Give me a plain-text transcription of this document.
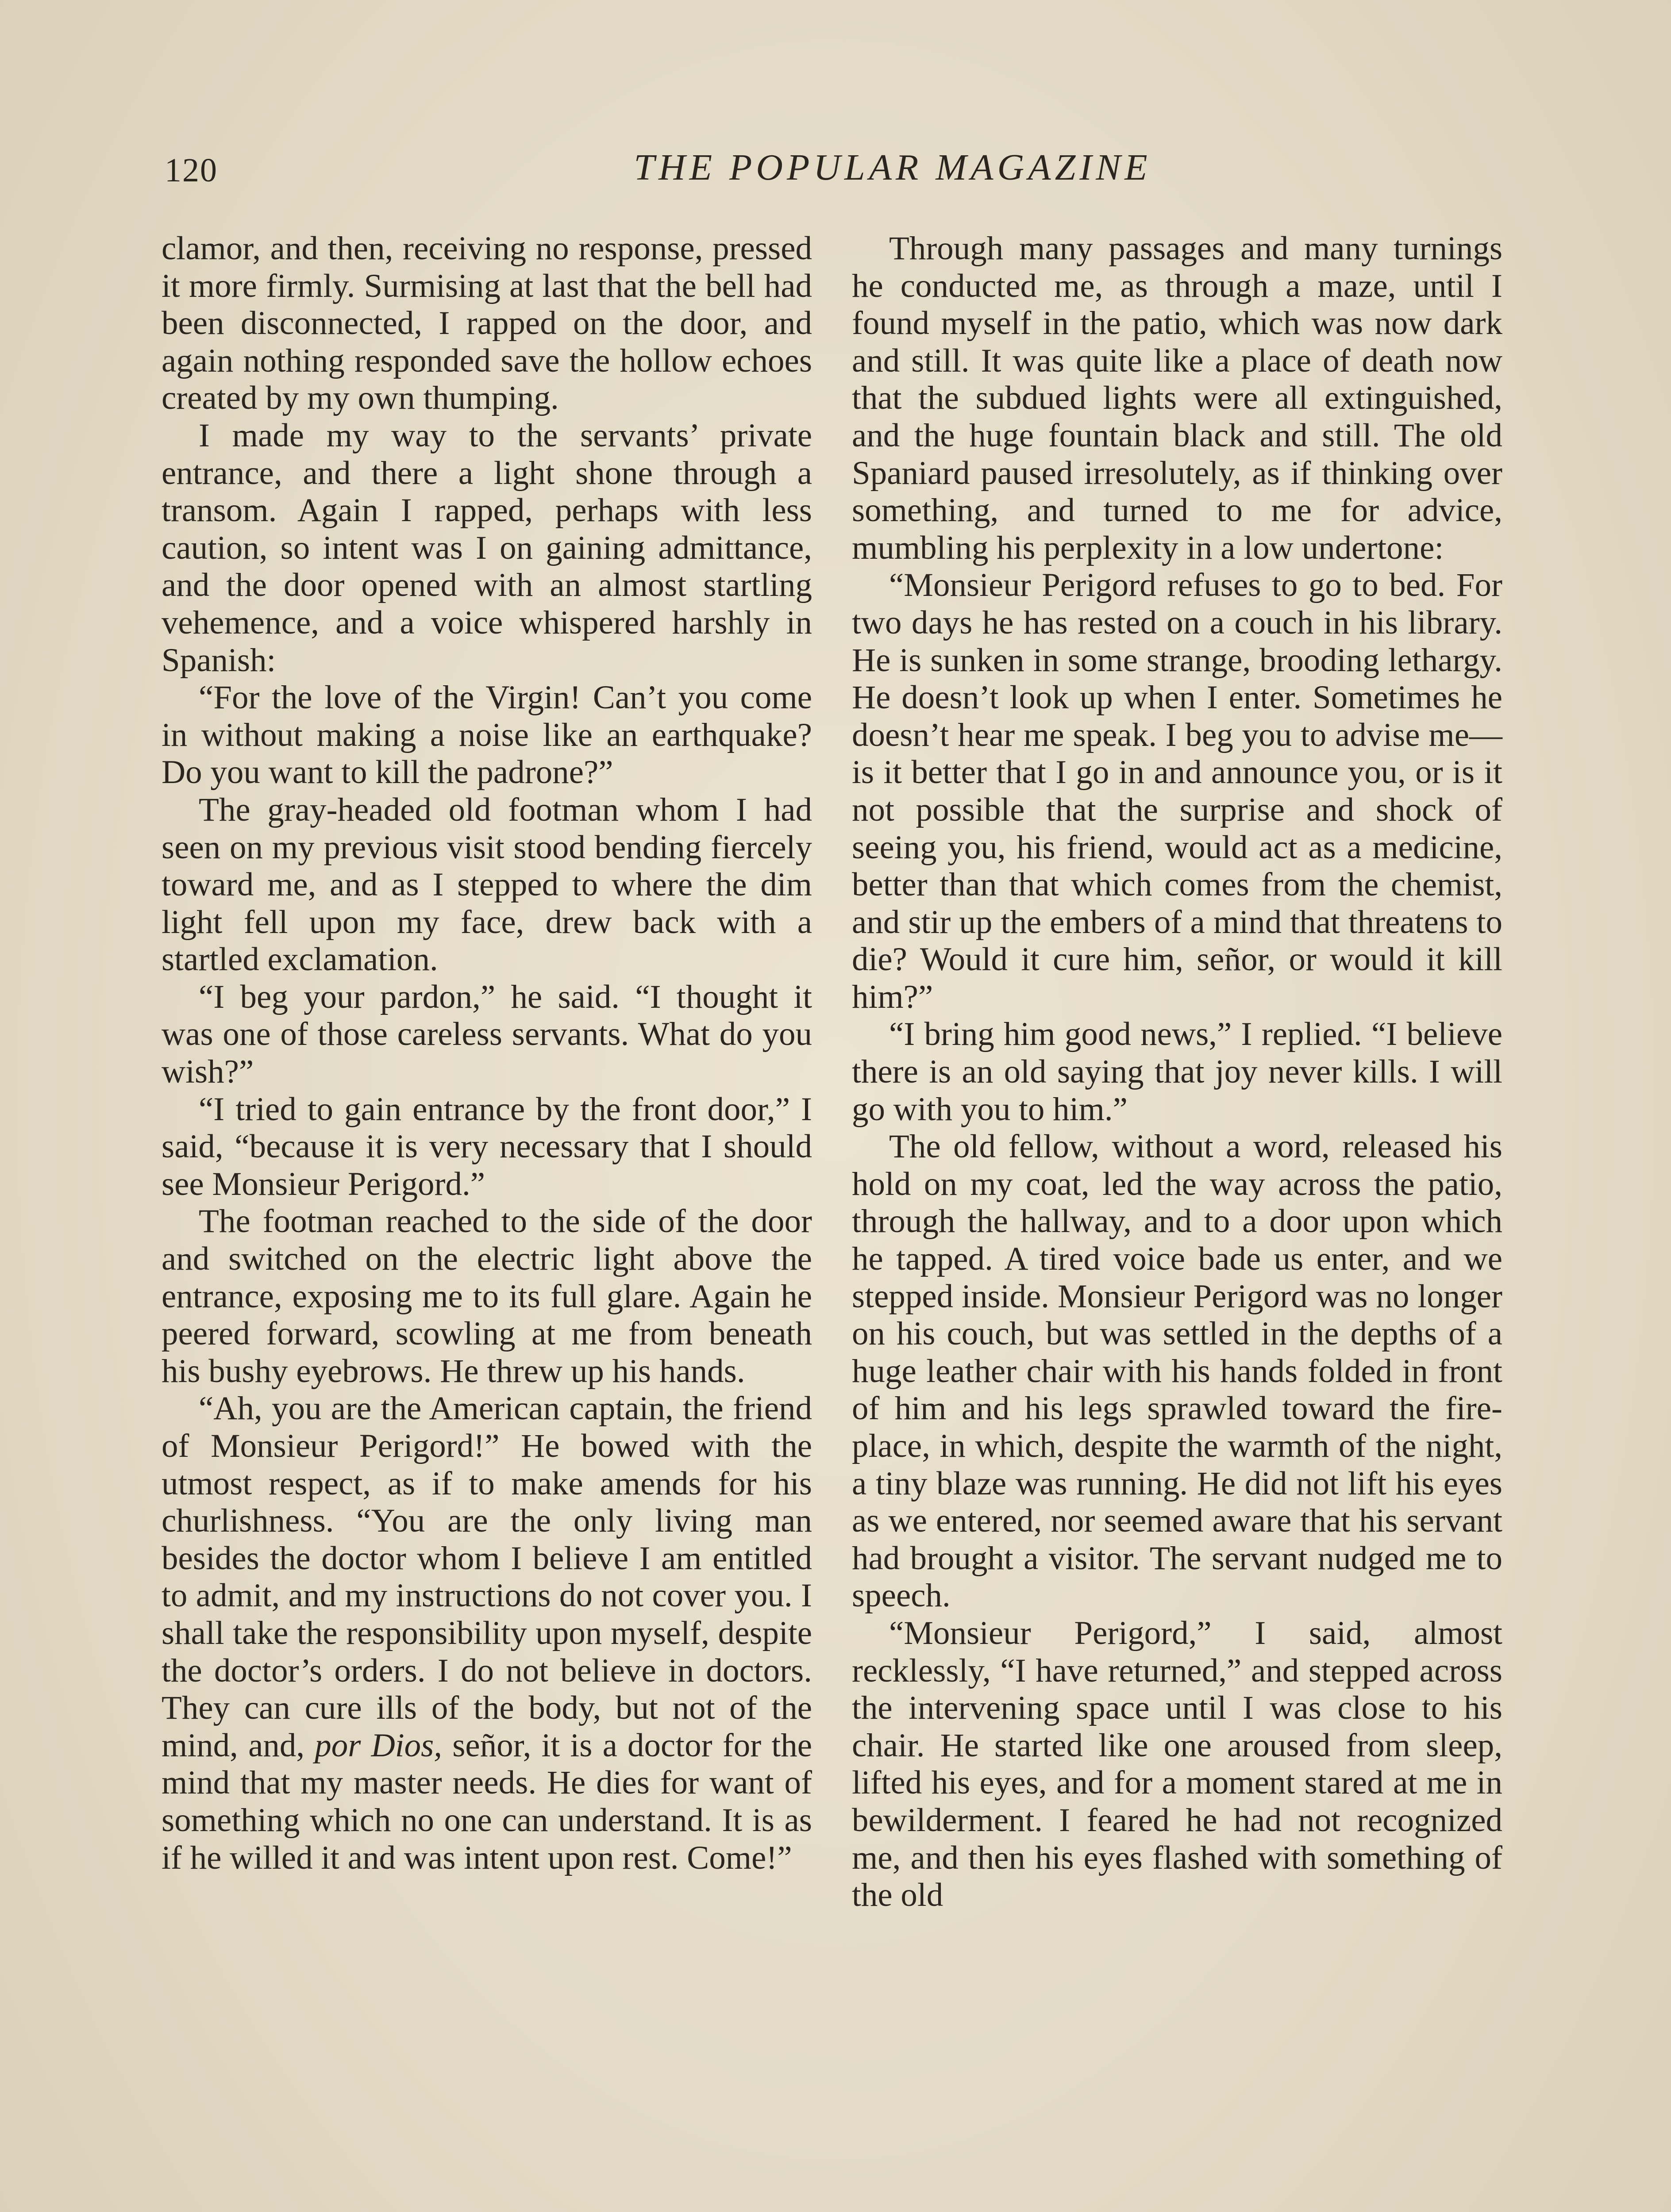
120	THE POPULAR MAGAZINE

clamor, and then, receiving no response, pressed it more firmly. Surmising at last that the bell had been disconnected, I rapped on the door, and again nothing responded save the hollow echoes created by my own thumping.

I made my way to the servants’ private entrance, and there a light shone through a transom. Again I rapped, perhaps with less caution, so intent was I on gaining admittance, and the door opened with an almost startling vehemence, and a voice whispered harshly in Spanish:

“For the love of the Virgin! Can’t you come in without making a noise like an earthquake? Do you want to kill the padrone?”

The gray-headed old footman whom I had seen on my previous visit stood bending fiercely toward me, and as I stepped to where the dim light fell upon my face, drew back with a startled exclamation.

“I beg your pardon,” he said. “I thought it was one of those careless servants. What do you wish?”

“I tried to gain entrance by the front door,” I said, “because it is very necessary that I should see Monsieur Perigord.”

The footman reached to the side of the door and switched on the electric light above the entrance, exposing me to its full glare. Again he peered forward, scowling at me from beneath his bushy eyebrows. He threw up his hands.

“Ah, you are the American captain, the friend of Monsieur Perigord!” He bowed with the utmost respect, as if to make amends for his churlishness. “You are the only living man besides the doctor whom I believe I am entitled to admit, and my instructions do not cover you. I shall take the responsibility upon myself, despite the doctor’s orders. I do not believe in doctors. They can cure ills of the body, but not of the mind, and, por Dios, señor, it is a doctor for the mind that my master needs. He dies for want of something which no one can understand. It is as if he willed it and was intent upon rest. Come!”

Through many passages and many turnings he conducted me, as through a maze, until I found myself in the patio, which was now dark and still. It was quite like a place of death now that the subdued lights were all extinguished, and the huge fountain black and still. The old Spaniard paused irresolutely, as if thinking over something, and turned to me for advice, mumbling his perplexity in a low undertone:

“Monsieur Perigord refuses to go to bed. For two days he has rested on a couch in his library. He is sunken in some strange, brooding lethargy. He doesn’t look up when I enter. Sometimes he doesn’t hear me speak. I beg you to advise me—is it better that I go in and announce you, or is it not possible that the surprise and shock of seeing you, his friend, would act as a medicine, better than that which comes from the chemist, and stir up the embers of a mind that threatens to die? Would it cure him, señor, or would it kill him?”

“I bring him good news,” I replied. “I believe there is an old saying that joy never kills. I will go with you to him.”

The old fellow, without a word, released his hold on my coat, led the way across the patio, through the hallway, and to a door upon which he tapped. A tired voice bade us enter, and we stepped inside. Monsieur Perigord was no longer on his couch, but was settled in the depths of a huge leather chair with his hands folded in front of him and his legs sprawled toward the fireplace, in which, despite the warmth of the night, a tiny blaze was running. He did not lift his eyes as we entered, nor seemed aware that his servant had brought a visitor. The servant nudged me to speech.

“Monsieur Perigord,” I said, almost recklessly, “I have returned,” and stepped across the intervening space until I was close to his chair. He started like one aroused from sleep, lifted his eyes, and for a moment stared at me in bewilderment. I feared he had not recognized me, and then his eyes flashed with something of the old
